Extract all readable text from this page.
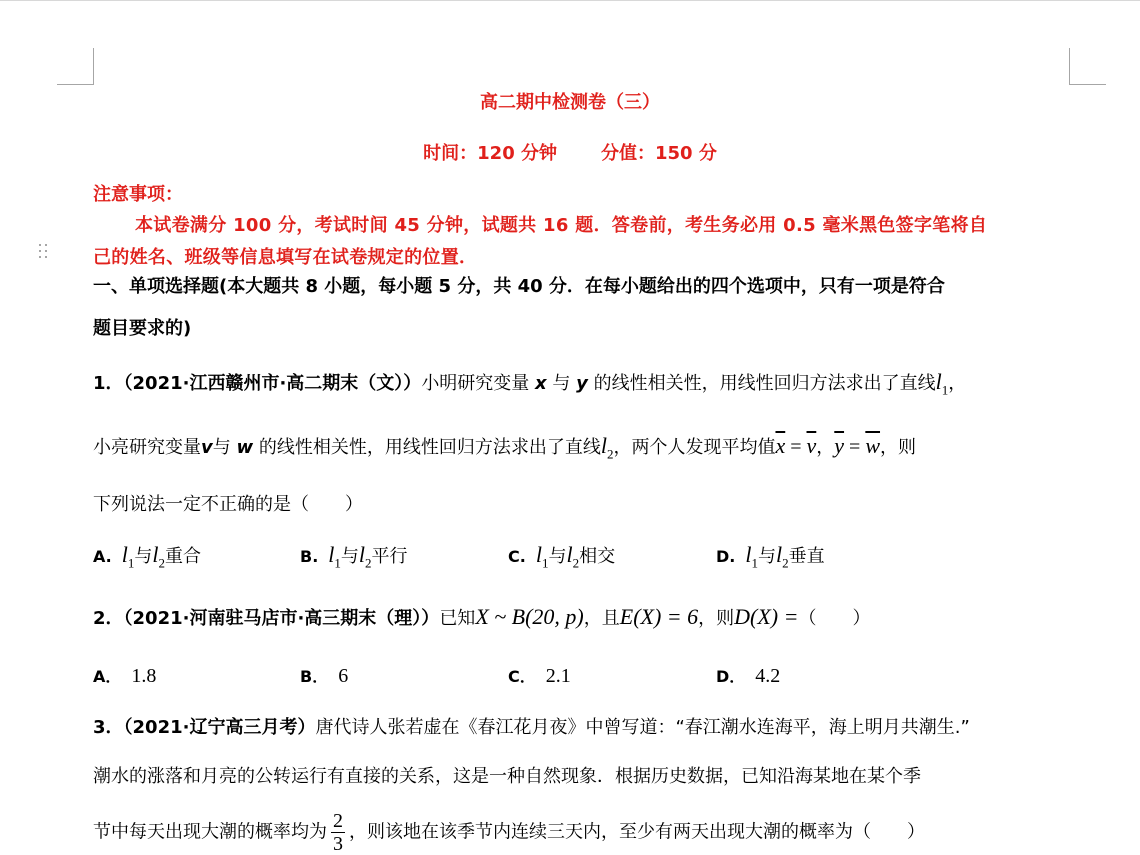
高二期中检测卷（三）
时间：120 分钟 分值：150 分
注意事项：
本试卷满分 100 分，考试时间 45 分钟，试题共 16 题．答卷前，考生务必用 0.5 毫米黑色签字笔将自
己的姓名、班级等信息填写在试卷规定的位置．
一、单项选择题(本大题共 8 小题，每小题 5 分，共 40 分．在每小题给出的四个选项中，只有一项是符合
题目要求的)
1．（2021·江西赣州市·高二期末（文））小明研究变量 x 与 y 的线性相关性，用线性回归方法求出了直线$l_1$，
小亮研究变量v与 w 的线性相关性，用线性回归方法求出了直线$l_2$，两个人发现平均值$\overline{x} = \overline{v}$，$\overline{y} = \overline{w}$，则
下列说法一定不正确的是（　　）
A. $l_1$与$l_2$重合	B. $l_1$与$l_2$平行	C. $l_1$与$l_2$相交	D. $l_1$与$l_2$垂直
2．（2021·河南驻马店市·高三期末（理））已知X ~ B(20, p)，且E(X) = 6，则D(X) =（　　）
A． 1.8	B． 6	C． 2.1	D． 4.2
3．（2021·辽宁高三月考）唐代诗人张若虚在《春江花月夜》中曾写道：“春江潮水连海平，海上明月共潮生.”
潮水的涨落和月亮的公转运行有直接的关系，这是一种自然现象．根据历史数据，已知沿海某地在某个季
节中每天出现大潮的概率均为 $\frac{2}{3}$ ，则该地在该季节内连续三天内，至少有两天出现大潮的概率为（　　）
